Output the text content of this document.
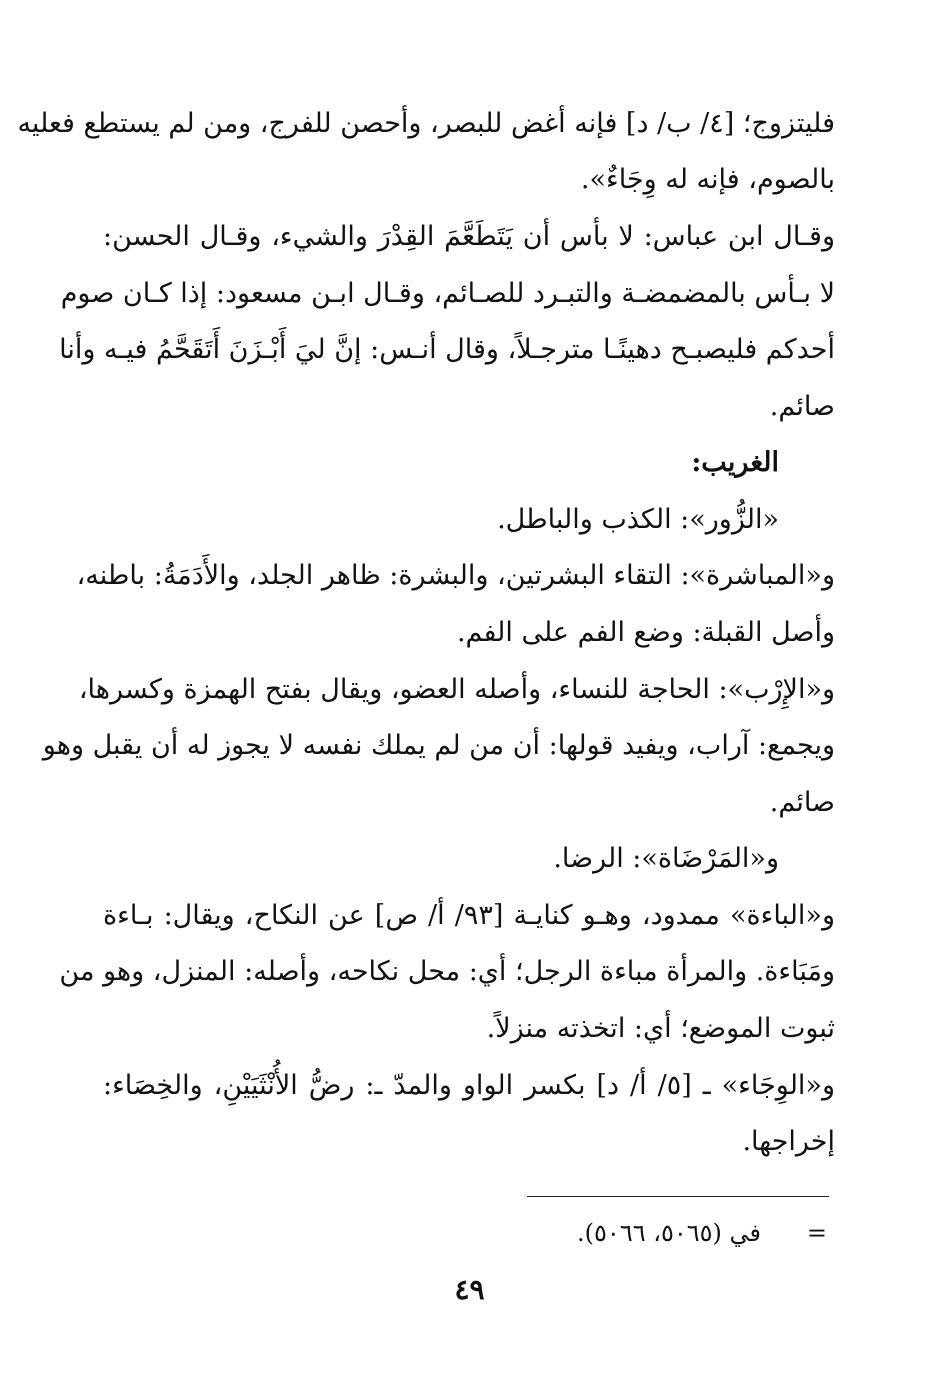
فليتزوج؛ [٤/ ب/ د] فإنه أغض للبصر، وأحصن للفرج، ومن لم يستطع فعليه
بالصوم، فإنه له وِجَاءٌ».
وقـال ابن عباس: لا بأس أن يَتَطَعَّمَ القِدْرَ والشيء، وقـال الحسن:
لا بـأس بالمضمضـة والتبـرد للصـائم، وقـال ابـن مسعود: إذا كـان صوم
أحدكم فليصبـح دهينًـا مترجـلاً، وقال أنـس: إنَّ ليَ أَبْـزَنَ أَتَقَحَّمُ فيـه وأنا
صائم.
الغريب:
«الزُّور»: الكذب والباطل.
و«المباشرة»: التقاء البشرتين، والبشرة: ظاهر الجلد، والأَدَمَةُ: باطنه،
وأصل القبلة: وضع الفم على الفم.
و«الإِرْب»: الحاجة للنساء، وأصله العضو، ويقال بفتح الهمزة وكسرها،
ويجمع: آراب، ويفيد قولها: أن من لم يملك نفسه لا يجوز له أن يقبل وهو
صائم.
و«المَرْضَاة»: الرضا.
و«الباءة» ممدود، وهـو كنايـة [٩٣/ أ/ ص] عن النكاح، ويقال: بـاءة
ومَبَاءة. والمرأة مباءة الرجل؛ أي: محل نكاحه، وأصله: المنزل، وهو من
ثبوت الموضع؛ أي: اتخذته منزلاً.
و«الوِجَاء» ـ [٥/ أ/ د] بكسر الواو والمدّ ـ: رضُّ الأُنْثَيَيْنِ، والخِصَاء:
إخراجها.
=
في (٥٠٦٥، ٥٠٦٦).
٤٩
